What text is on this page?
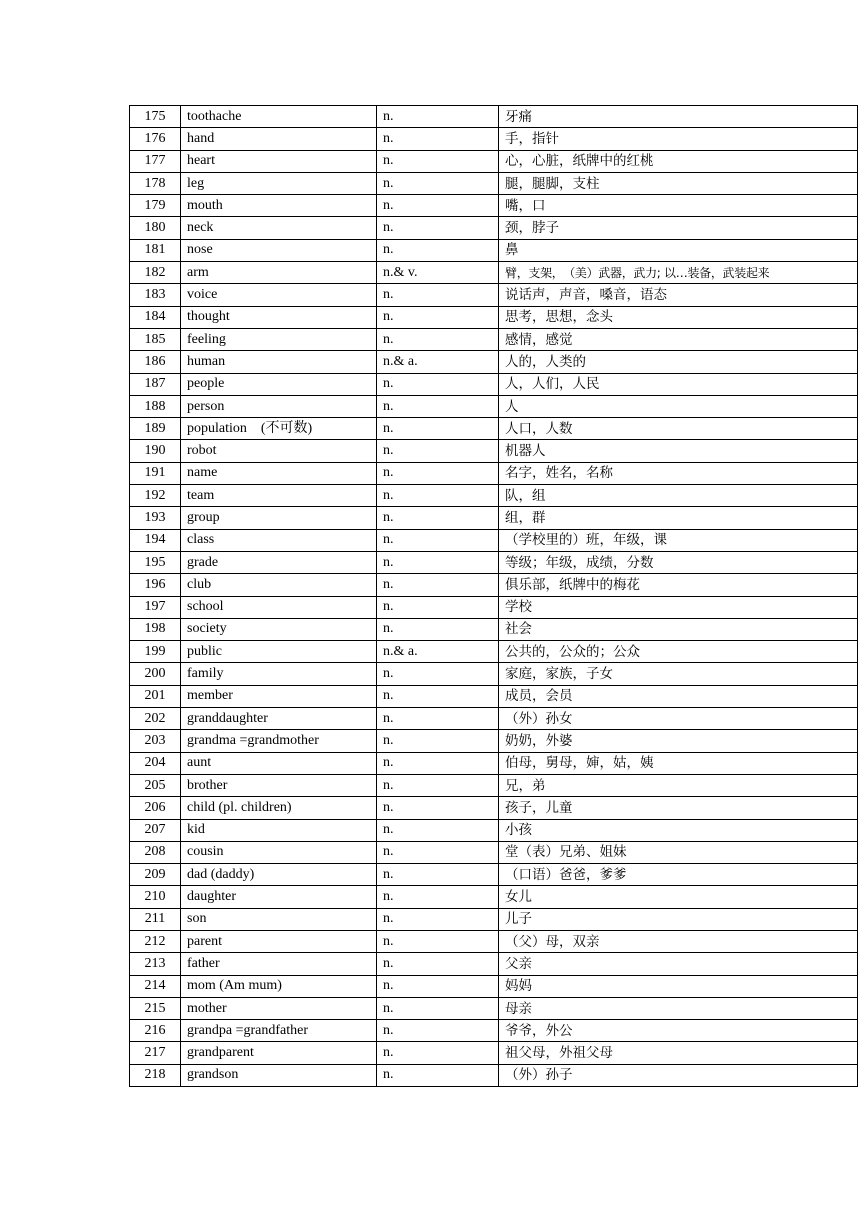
175	toothache	n.	牙痛
176	hand	n.	手，指针
177	heart	n.	心，心脏，纸牌中的红桃
178	leg	n.	腿，腿脚，支柱
179	mouth	n.	嘴，口
180	neck	n.	颈，脖子
181	nose	n.	鼻
182	arm	n.& v.	臂，支架，　（美）武器，武力; 以…装备，武装起来
183	voice	n.	说话声，声音，嗓音，语态
184	thought	n.	思考，思想，念头
185	feeling	n.	感情，感觉
186	human	n.& a.	人的，人类的
187	people	n.	人，人们，人民
188	person	n.	人
189	population　(不可数)	n.	人口，人数
190	robot	n.	机器人
191	name	n.	名字，姓名，名称
192	team	n.	队，组
193	group	n.	组，群
194	class	n.	（学校里的）班，年级，课
195	grade	n.	等级；年级，成绩，分数
196	club	n.	俱乐部，纸牌中的梅花
197	school	n.	学校
198	society	n.	社会
199	public	n.& a.	公共的，公众的；公众
200	family	n.	家庭，家族，子女
201	member	n.	成员，会员
202	granddaughter	n.	（外）孙女
203	grandma =grandmother	n.	奶奶，外婆
204	aunt	n.	伯母，舅母，婶，姑，姨
205	brother	n.	兄，弟
206	child (pl. children)	n.	孩子，儿童
207	kid	n.	小孩
208	cousin	n.	堂（表）兄弟、姐妹
209	dad (daddy)	n.	（口语）爸爸，爹爹
210	daughter	n.	女儿
211	son	n.	儿子
212	parent	n.	（父）母，双亲
213	father	n.	父亲
214	mom (Am mum)	n.	妈妈
215	mother	n.	母亲
216	grandpa =grandfather	n.	爷爷，外公
217	grandparent	n.	祖父母，外祖父母
218	grandson	n.	（外）孙子
